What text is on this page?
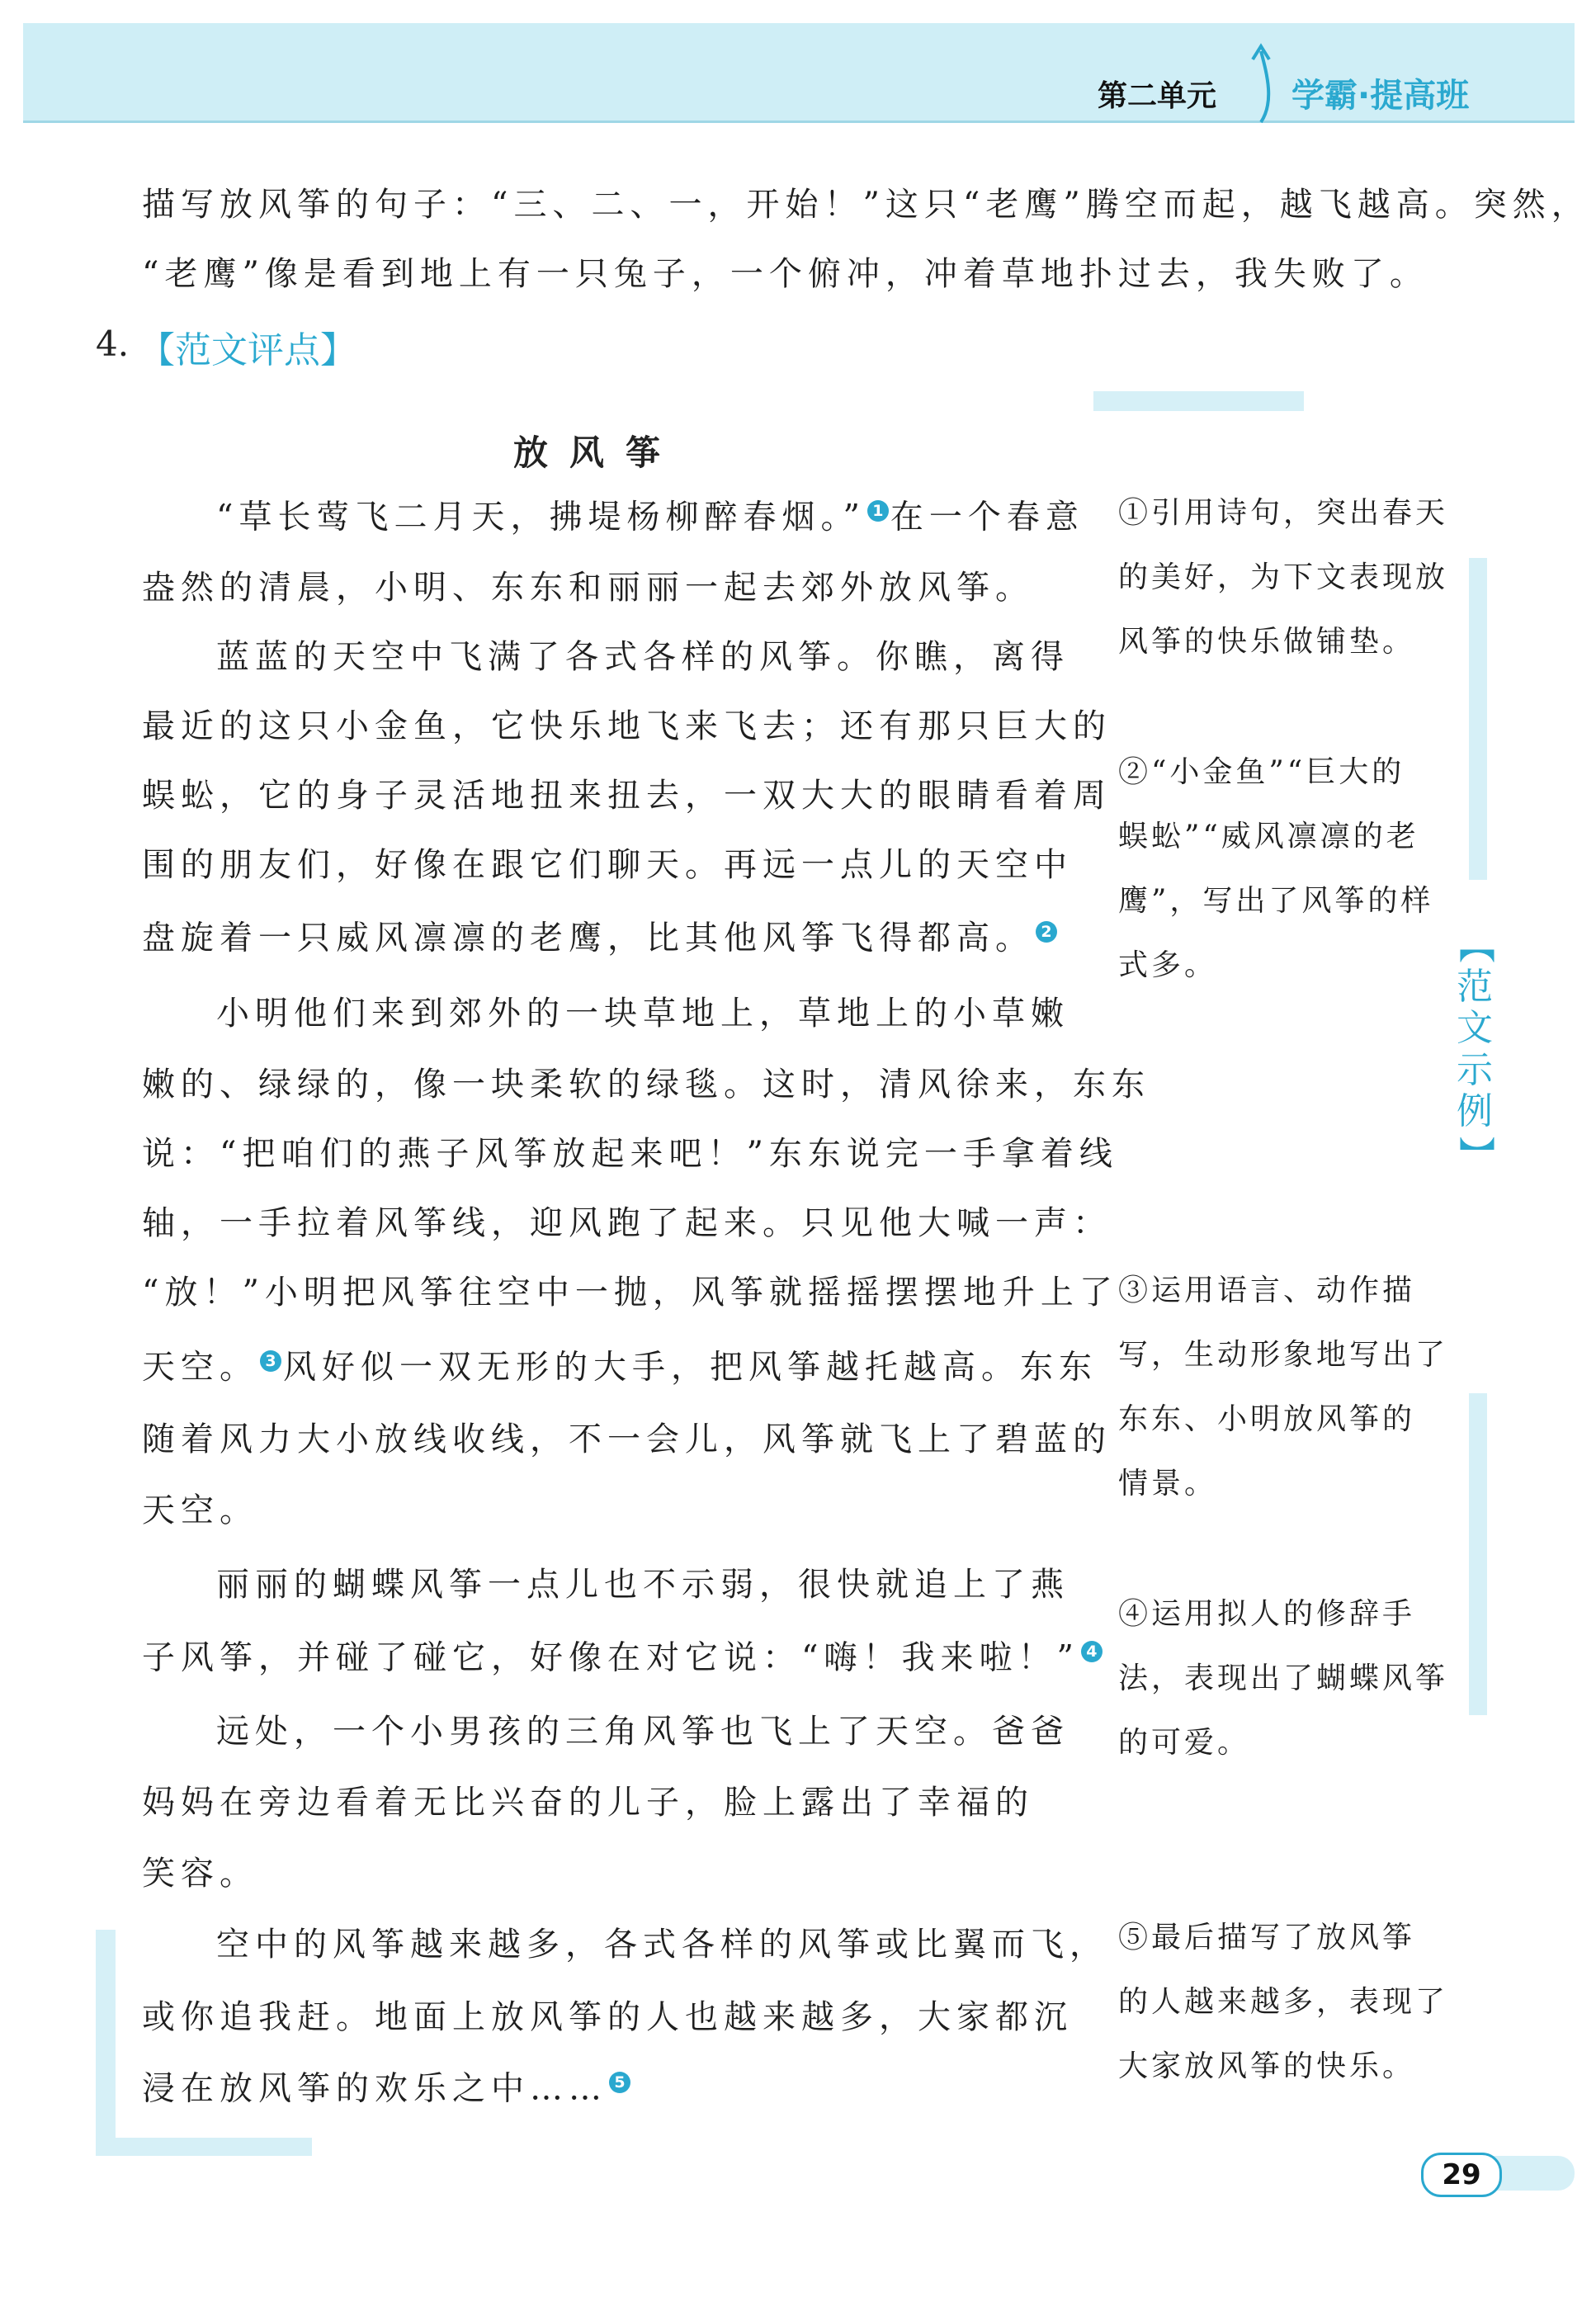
第二单元 学霸·提高班
描写放风筝的句子：“三、二、一，开始！”这只“老鹰”腾空而起，越飞越高。突然，
“老鹰”像是看到地上有一只兔子，一个俯冲，冲着草地扑过去，我失败了。
4. 【范文评点】
放风筝
“草长莺飞二月天，拂堤杨柳醉春烟。” 1 在一个春意
盎然的清晨，小明、东东和丽丽一起去郊外放风筝。
蓝蓝的天空中飞满了各式各样的风筝。你瞧，离得
最近的这只小金鱼，它快乐地飞来飞去；还有那只巨大的
蜈蚣，它的身子灵活地扭来扭去，一双大大的眼睛看着周
围的朋友们，好像在跟它们聊天。再远一点儿的天空中
盘旋着一只威风凛凛的老鹰，比其他风筝飞得都高。 2
小明他们来到郊外的一块草地上，草地上的小草嫩
嫩的、绿绿的，像一块柔软的绿毯。这时，清风徐来，东东
说：“把咱们的燕子风筝放起来吧！”东东说完一手拿着线
轴，一手拉着风筝线，迎风跑了起来。只见他大喊一声：
“放！”小明把风筝往空中一抛，风筝就摇摇摆摆地升上了
天空。 3 风好似一双无形的大手，把风筝越托越高。东东
随着风力大小放线收线，不一会儿，风筝就飞上了碧蓝的
天空。
丽丽的蝴蝶风筝一点儿也不示弱，很快就追上了燕
子风筝，并碰了碰它，好像在对它说：“嗨！我来啦！” 4
远处，一个小男孩的三角风筝也飞上了天空。爸爸
妈妈在旁边看着无比兴奋的儿子，脸上露出了幸福的
笑容。
空中的风筝越来越多，各式各样的风筝或比翼而飞，
或你追我赶。地面上放风筝的人也越来越多，大家都沉
浸在放风筝的欢乐之中…… 5
①引用诗句，突出春天
的美好，为下文表现放
风筝的快乐做铺垫。
②“小金鱼”“巨大的
蜈蚣”“威风凛凛的老
鹰”，写出了风筝的样
式多。
③运用语言、动作描
写，生动形象地写出了
东东、小明放风筝的
情景。
④运用拟人的修辞手
法，表现出了蝴蝶风筝
的可爱。
⑤最后描写了放风筝
的人越来越多，表现了
大家放风筝的快乐。
【
范
文
示
例
】
29
